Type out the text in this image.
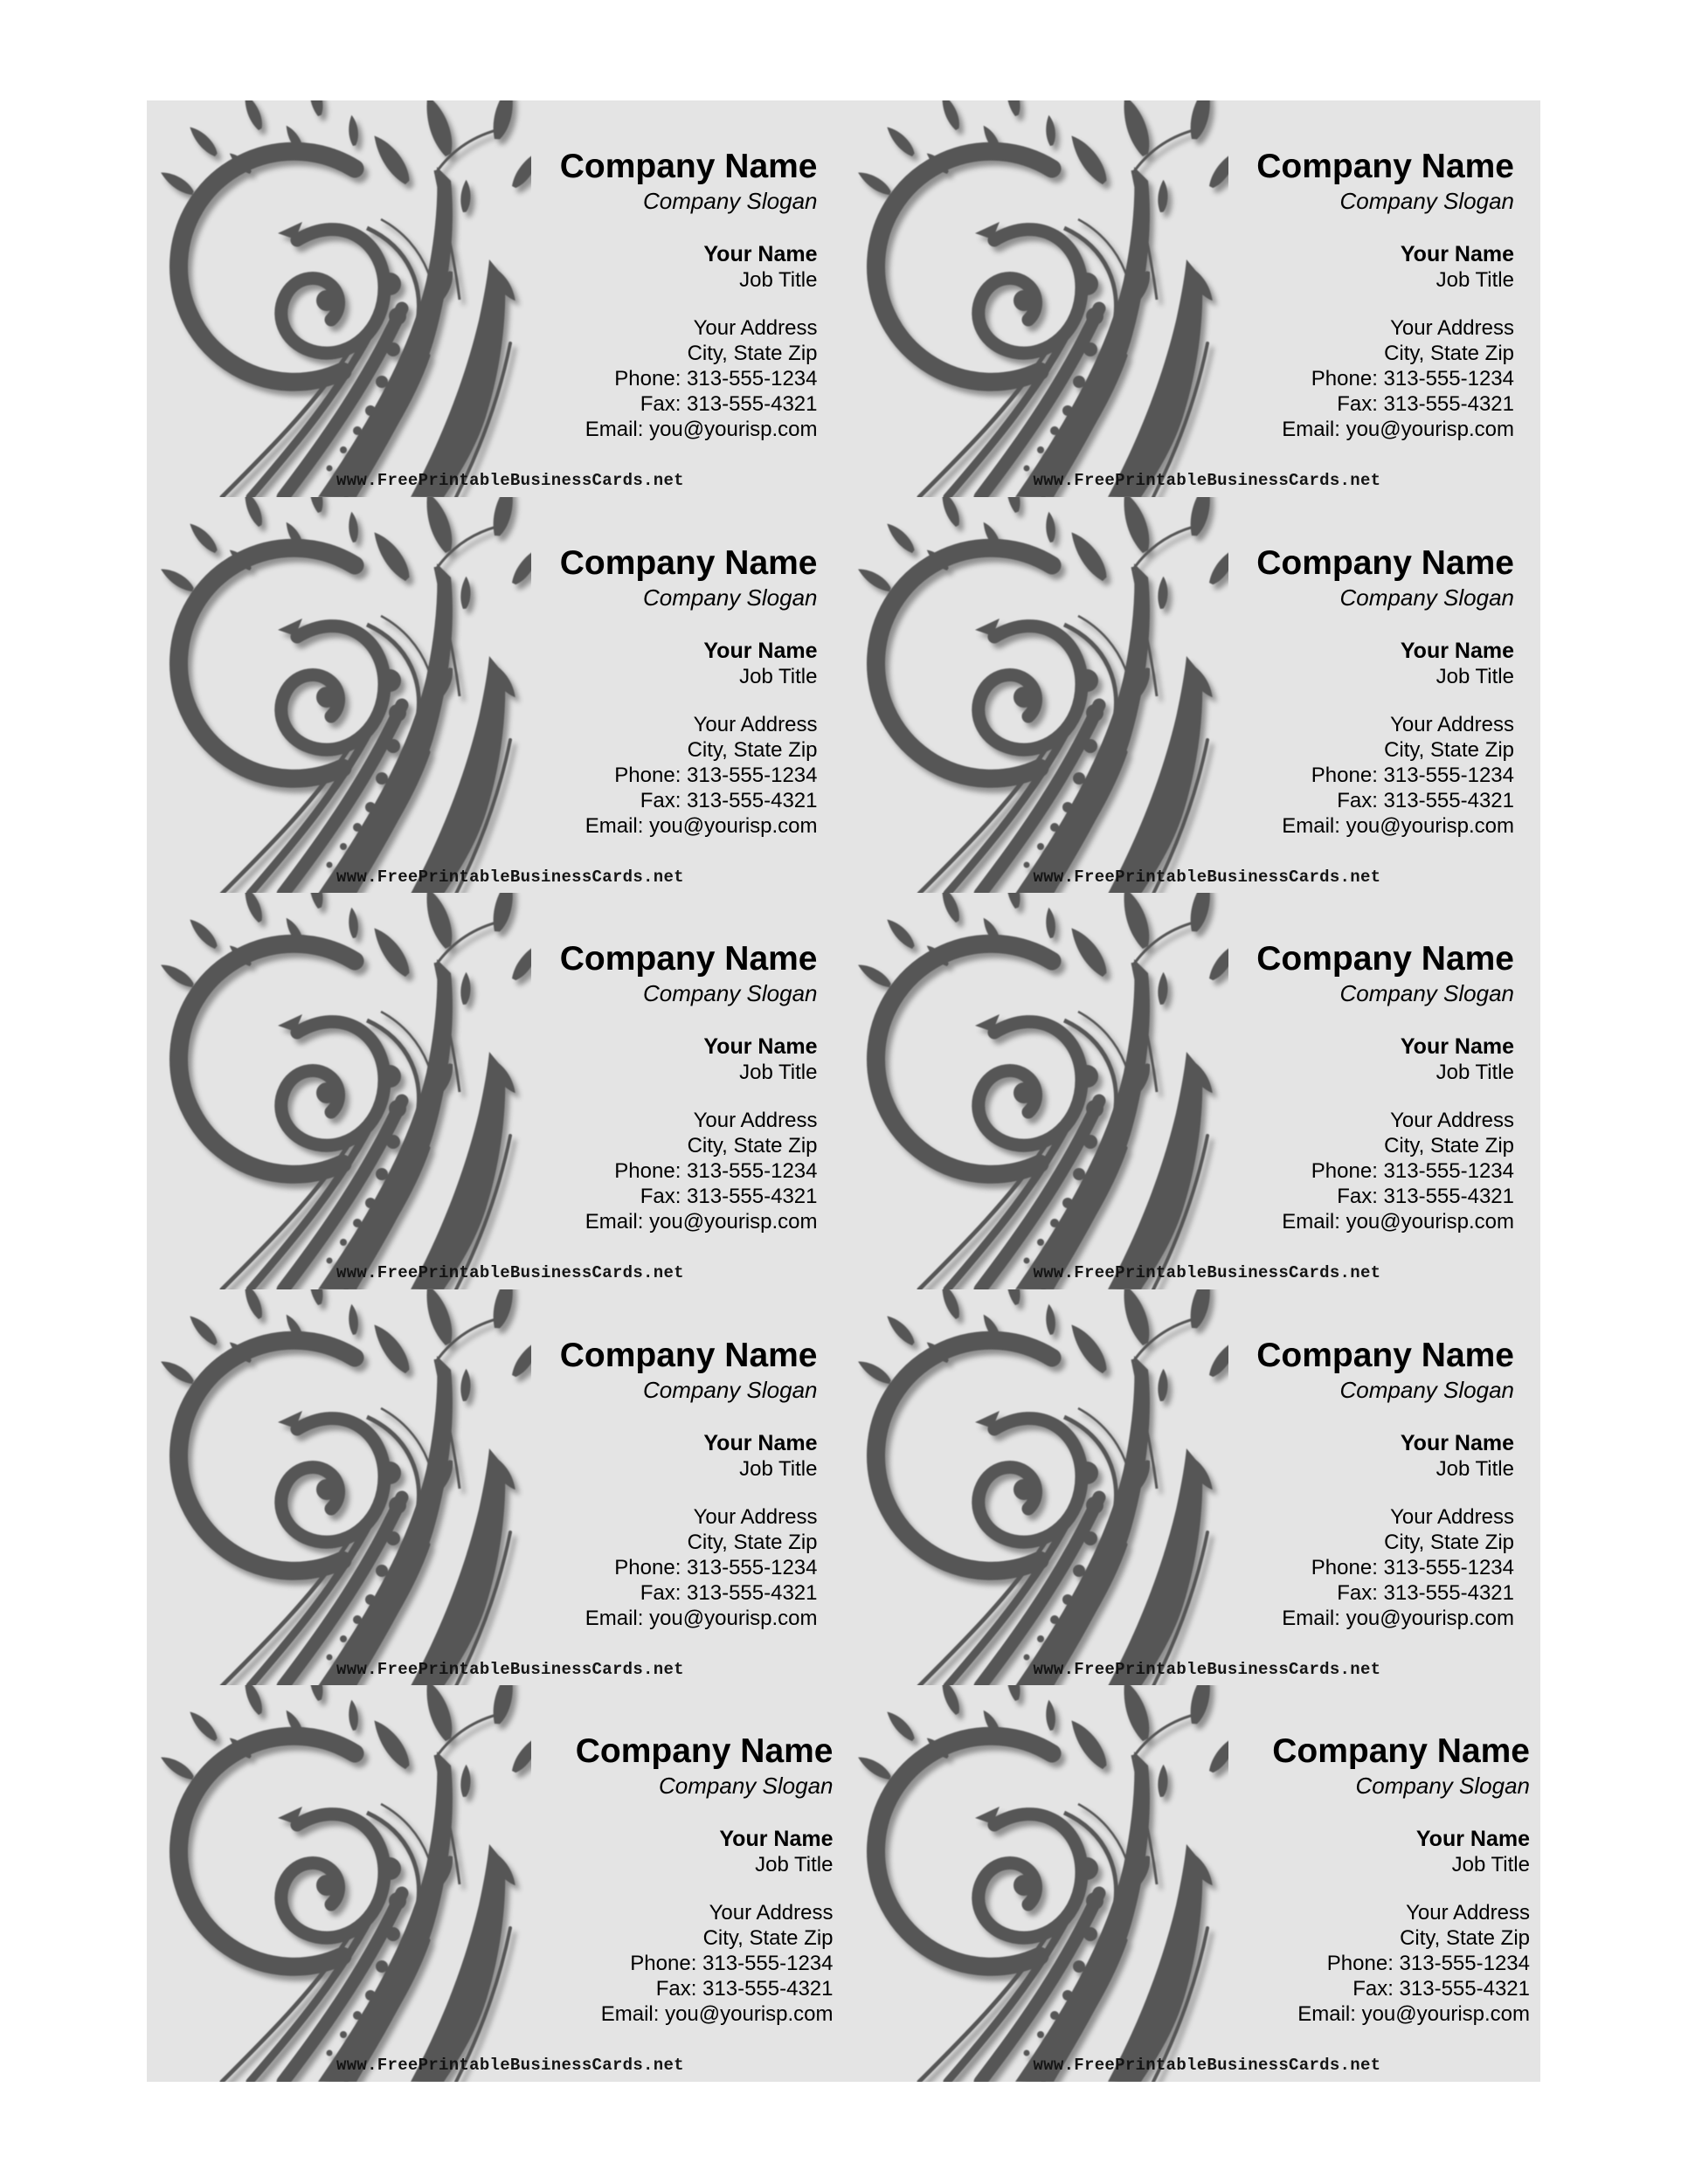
Company Name
Company Slogan
Your Name
Job Title
Your Address
City, State Zip
Phone: 313-555-1234
Fax: 313-555-4321
Email: you@yourisp.com
www.FreePrintableBusinessCards.net
Company Name
Company Slogan
Your Name
Job Title
Your Address
City, State Zip
Phone: 313-555-1234
Fax: 313-555-4321
Email: you@yourisp.com
www.FreePrintableBusinessCards.net
Company Name
Company Slogan
Your Name
Job Title
Your Address
City, State Zip
Phone: 313-555-1234
Fax: 313-555-4321
Email: you@yourisp.com
www.FreePrintableBusinessCards.net
Company Name
Company Slogan
Your Name
Job Title
Your Address
City, State Zip
Phone: 313-555-1234
Fax: 313-555-4321
Email: you@yourisp.com
www.FreePrintableBusinessCards.net
Company Name
Company Slogan
Your Name
Job Title
Your Address
City, State Zip
Phone: 313-555-1234
Fax: 313-555-4321
Email: you@yourisp.com
www.FreePrintableBusinessCards.net
Company Name
Company Slogan
Your Name
Job Title
Your Address
City, State Zip
Phone: 313-555-1234
Fax: 313-555-4321
Email: you@yourisp.com
www.FreePrintableBusinessCards.net
Company Name
Company Slogan
Your Name
Job Title
Your Address
City, State Zip
Phone: 313-555-1234
Fax: 313-555-4321
Email: you@yourisp.com
www.FreePrintableBusinessCards.net
Company Name
Company Slogan
Your Name
Job Title
Your Address
City, State Zip
Phone: 313-555-1234
Fax: 313-555-4321
Email: you@yourisp.com
www.FreePrintableBusinessCards.net
Company Name
Company Slogan
Your Name
Job Title
Your Address
City, State Zip
Phone: 313-555-1234
Fax: 313-555-4321
Email: you@yourisp.com
www.FreePrintableBusinessCards.net
Company Name
Company Slogan
Your Name
Job Title
Your Address
City, State Zip
Phone: 313-555-1234
Fax: 313-555-4321
Email: you@yourisp.com
www.FreePrintableBusinessCards.net
